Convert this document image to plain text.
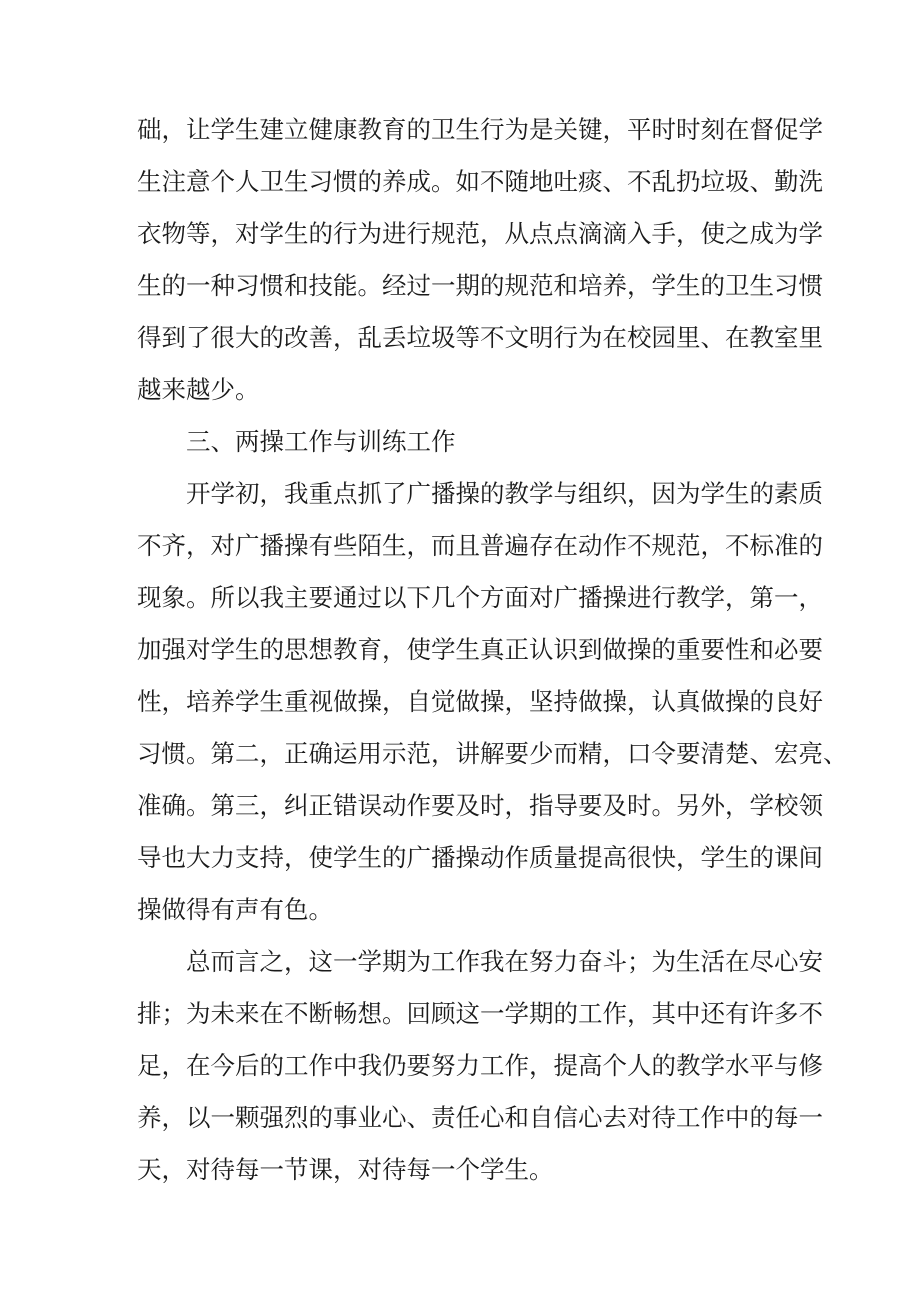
础，让学生建立健康教育的卫生行为是关键，平时时刻在督促学
生注意个人卫生习惯的养成。如不随地吐痰、不乱扔垃圾、勤洗
衣物等，对学生的行为进行规范，从点点滴滴入手，使之成为学
生的一种习惯和技能。经过一期的规范和培养，学生的卫生习惯
得到了很大的改善，乱丢垃圾等不文明行为在校园里、在教室里
越来越少。
三、两操工作与训练工作
开学初，我重点抓了广播操的教学与组织，因为学生的素质
不齐，对广播操有些陌生，而且普遍存在动作不规范，不标准的
现象。所以我主要通过以下几个方面对广播操进行教学，第一，
加强对学生的思想教育，使学生真正认识到做操的重要性和必要
性，培养学生重视做操，自觉做操，坚持做操，认真做操的良好
习惯。第二，正确运用示范，讲解要少而精，口令要清楚、宏亮、
准确。第三，纠正错误动作要及时，指导要及时。另外，学校领
导也大力支持，使学生的广播操动作质量提高很快，学生的课间
操做得有声有色。
总而言之，这一学期为工作我在努力奋斗；为生活在尽心安
排；为未来在不断畅想。回顾这一学期的工作，其中还有许多不
足，在今后的工作中我仍要努力工作，提高个人的教学水平与修
养，以一颗强烈的事业心、责任心和自信心去对待工作中的每一
天，对待每一节课，对待每一个学生。
